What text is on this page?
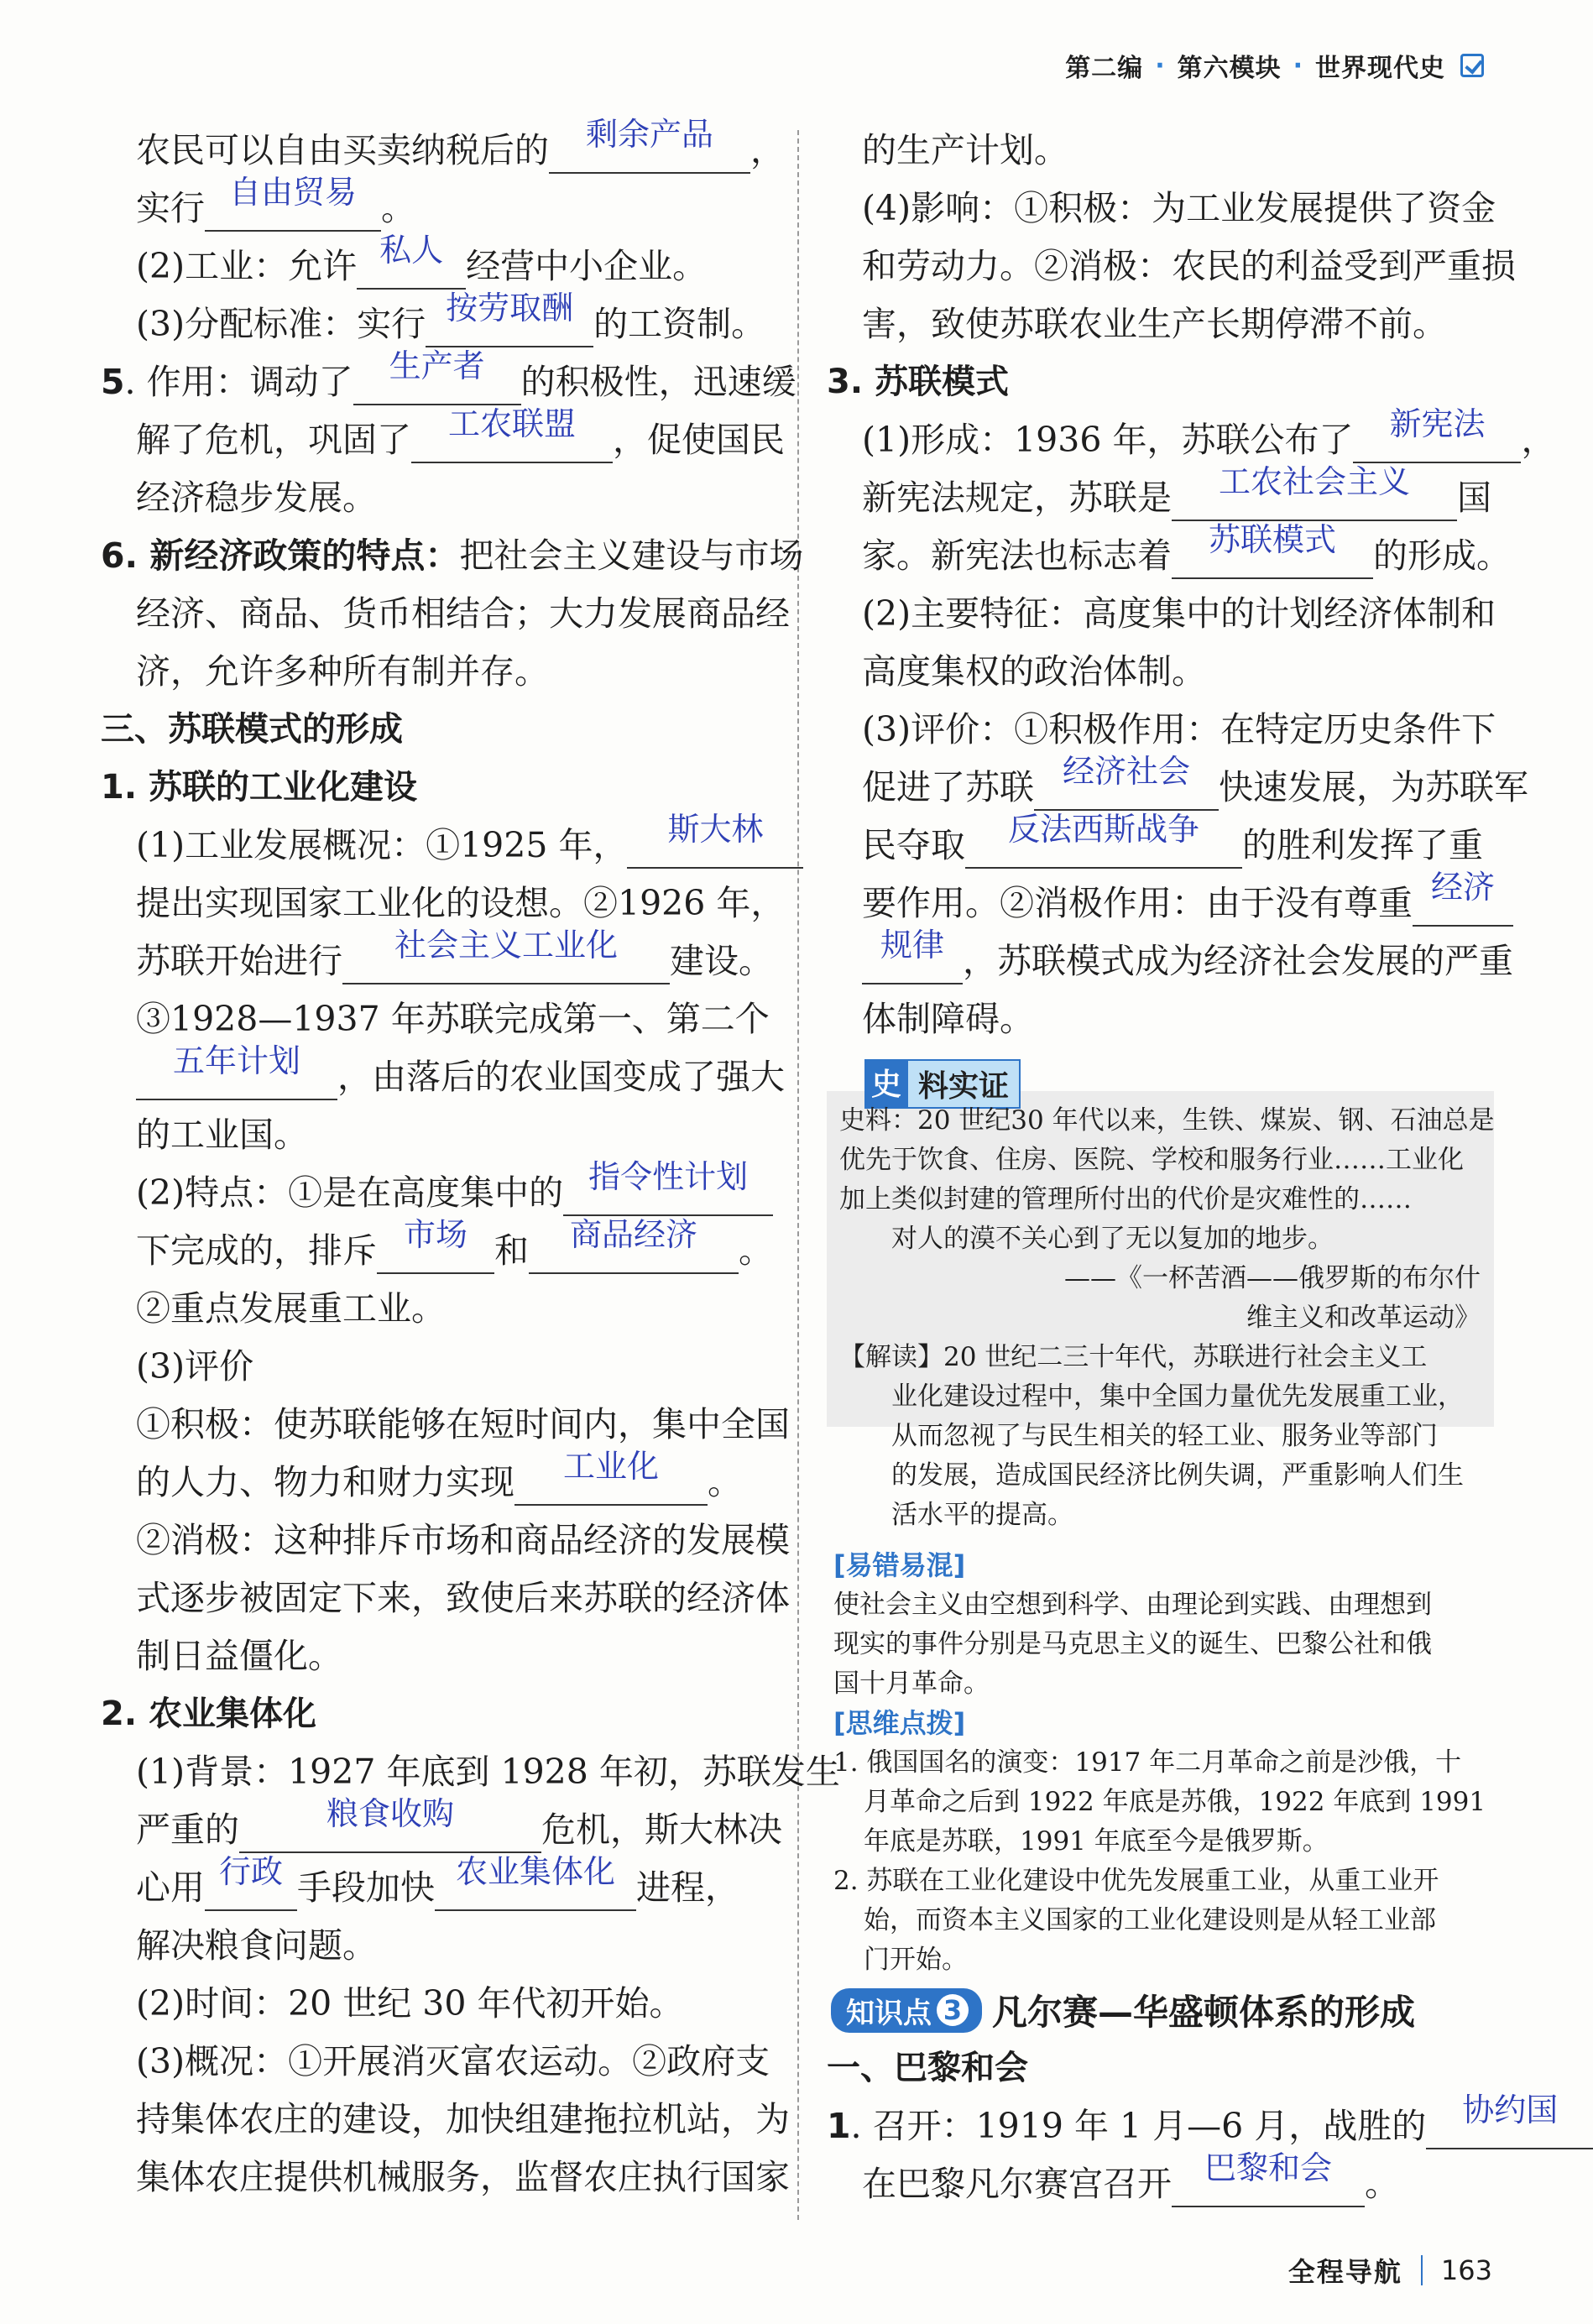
第二编 · 第六模块 · 世界现代史

农民可以自由买卖纳税后的 剩余产品 ，

实行 自由贸易 。

(2)工业：允许 私人 经营中小企业。

(3)分配标准：实行 按劳取酬 的工资制。

5. 作用：调动了 生产者 的积极性，迅速缓

解了危机，巩固了 工农联盟 ，促使国民

经济稳步发展。

6. 新经济政策的特点：把社会主义建设与市场

经济、商品、货币相结合；大力发展商品经

济，允许多种所有制并存。

三、苏联模式的形成

1. 苏联的工业化建设

(1)工业发展概况：①1925 年， 斯大林

提出实现国家工业化的设想。②1926 年，

苏联开始进行 社会主义工业化 建设。

③1928—1937 年苏联完成第一、第二个

五年计划 ，由落后的农业国变成了强大

的工业国。

(2)特点：①是在高度集中的 指令性计划

下完成的，排斥 市场 和 商品经济 。

②重点发展重工业。

(3)评价

①积极：使苏联能够在短时间内，集中全国

的人力、物力和财力实现 工业化 。

②消极：这种排斥市场和商品经济的发展模

式逐步被固定下来，致使后来苏联的经济体

制日益僵化。

2. 农业集体化

(1)背景：1927 年底到 1928 年初，苏联发生

严重的	粮食收购	危机，斯大林决

心用 行政 手段加快 农业集体化 进程，

解决粮食问题。

(2)时间：20 世纪 30 年代初开始。

(3)概况：①开展消灭富农运动。②政府支

持集体农庄的建设，加快组建拖拉机站，为

集体农庄提供机械服务，监督农庄执行国家

的生产计划。

(4)影响：①积极：为工业发展提供了资金

和劳动力。②消极：农民的利益受到严重损

害，致使苏联农业生产长期停滞不前。

3. 苏联模式

(1)形成：1936 年，苏联公布了 新宪法 ，

新宪法规定，苏联是 工农社会主义 国

家。新宪法也标志着 苏联模式 的形成。

(2)主要特征：高度集中的计划经济体制和

高度集权的政治体制。

(3)评价：①积极作用：在特定历史条件下

促进了苏联 经济社会 快速发展，为苏联军

民夺取 反法西斯战争 的胜利发挥了重

要作用。②消极作用：由于没有尊重 经济

规律 ，苏联模式成为经济社会发展的严重

体制障碍。

史 料实证

史料：20 世纪30 年代以来，生铁、煤炭、钢、石油总是

优先于饮食、住房、医院、学校和服务行业……工业化

加上类似封建的管理所付出的代价是灾难性的……

对人的漠不关心到了无以复加的地步。

——《一杯苦酒——俄罗斯的布尔什

维主义和改革运动》

【解读】20 世纪二三十年代，苏联进行社会主义工

业化建设过程中，集中全国力量优先发展重工业，

从而忽视了与民生相关的轻工业、服务业等部门

的发展，造成国民经济比例失调，严重影响人们生

活水平的提高。

[易错易混]

使社会主义由空想到科学、由理论到实践、由理想到

现实的事件分别是马克思主义的诞生、巴黎公社和俄

国十月革命。

[思维点拨]

1. 俄国国名的演变：1917 年二月革命之前是沙俄，十

月革命之后到 1922 年底是苏俄，1922 年底到 1991

年底是苏联，1991 年底至今是俄罗斯。

2. 苏联在工业化建设中优先发展重工业，从重工业开

始，而资本主义国家的工业化建设则是从轻工业部

门开始。

知识点 3 凡尔赛—华盛顿体系的形成

一、巴黎和会

1. 召开：1919 年 1 月—6 月，战胜的 协约国

在巴黎凡尔赛宫召开 巴黎和会 。

全程导航 163
